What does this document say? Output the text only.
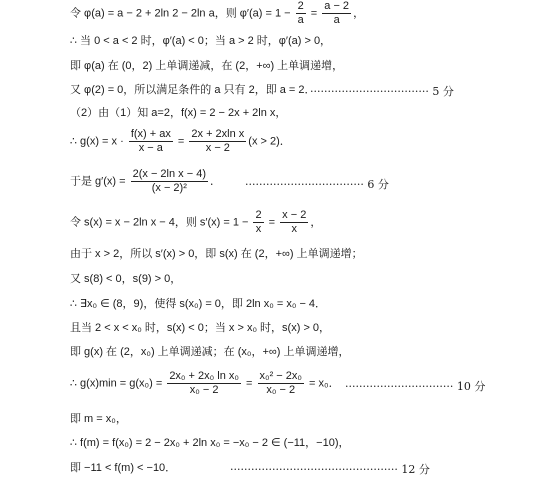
令 φ(a) = a − 2 + 2ln 2 − 2ln a，则 $\varphi'(a) = 1 - \frac{2}{a} = \frac{a - 2}{a}$ ，
∴ 当 0 < a < 2 时，φ′(a) < 0；当 a > 2 时，φ′(a) > 0，
即 φ(a) 在 (0，2) 上单调递减，在 (2，+∞) 上单调递增，
又 φ(2) = 0，所以满足条件的 a 只有 2，即 a = 2．
·································· 5 分
（2）由（1）知 a=2，f(x) = 2 − 2x + 2ln x，
∴ $g(x) = x \cdot \frac{f(x) + ax}{x - a} = \frac{\text{2x + 2xln x}}{x - 2} (x > 2)$．
于是 $g'(x) = \frac{\text{2(x − 2ln x − 4)}}{\text{(x − 2)²}}$ ． ·································· 6 分
令 s(x) = x − 2ln x − 4，则 $s'(x) = 1 - \frac{2}{x} = \frac{x - 2}{x}$ ，
由于 x > 2，所以 s′(x) > 0，即 s(x) 在 (2，+∞) 上单调递增；
又 s(8) < 0，s(9) > 0，
∴ ∃x₀ ∈ (8，9)，使得 s(x₀) = 0，即 2ln x₀ = x₀ − 4．
且当 2 < x < x₀ 时，s(x) < 0；当 x > x₀ 时，s(x) > 0，
即 g(x) 在 (2，x₀) 上单调递减；在 (x₀，+∞) 上单调递增，
∴ $g(x)\min = g(x_0) = \frac{\text{2x₀ + 2x₀ ln x₀}}{\text{x₀ − 2}} = \frac{\text{x₀² − 2x₀}}{\text{x₀ − 2}} = x_0$． ······························· 10 分
即 m = x₀，
∴ f(m) = f(x₀) = 2 − 2x₀ + 2ln x₀ = −x₀ − 2 ∈ (−11，−10)，
即 −11 < f(m) < −10．	················································ 12 分
